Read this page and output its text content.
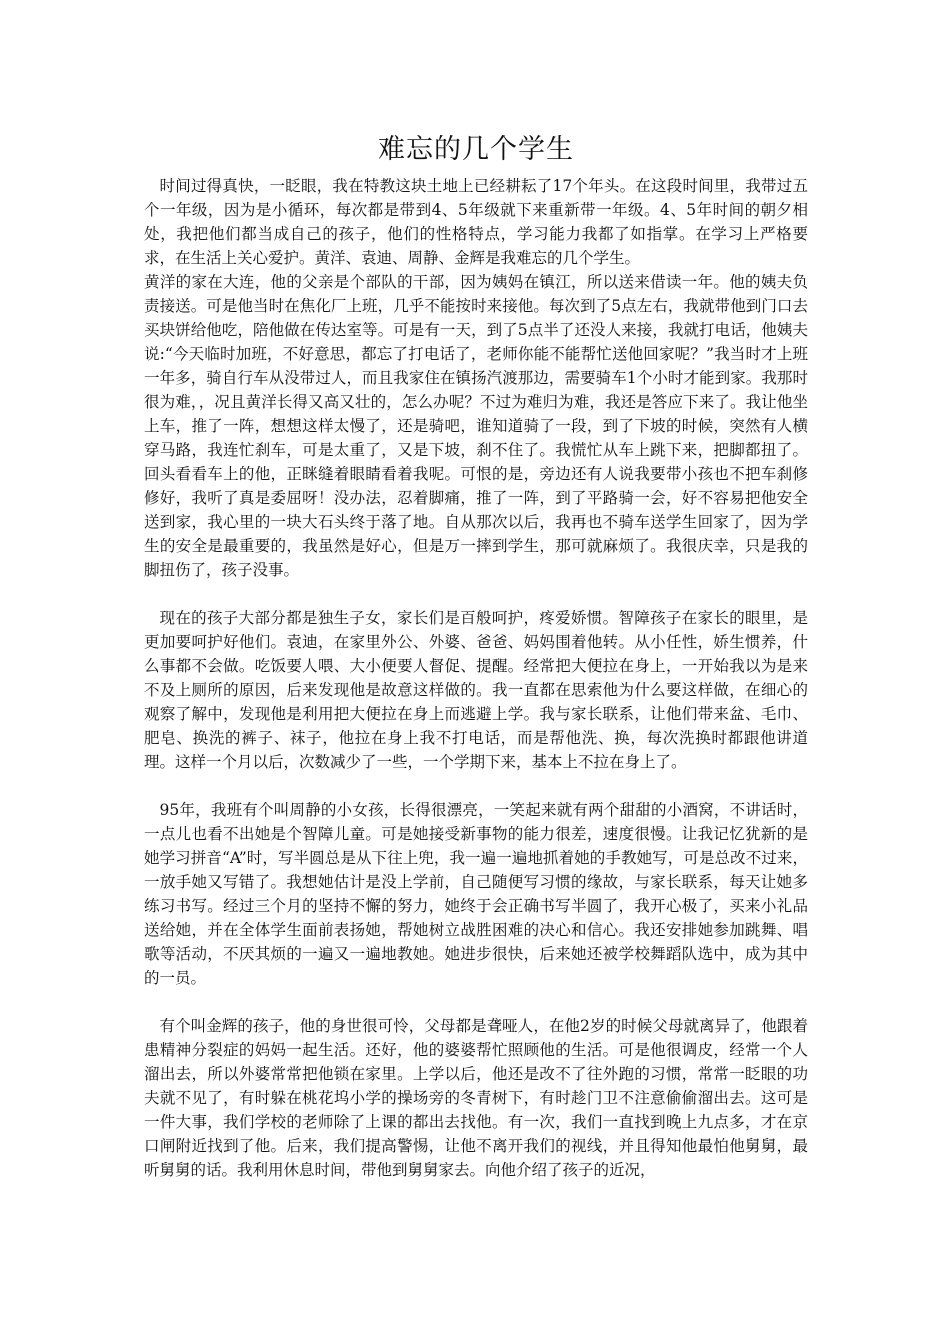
难忘的几个学生

时间过得真快，一眨眼，我在特教这块土地上已经耕耘了17个年头。在这段时间里，我带过五个一年级，因为是小循环，每次都是带到4、5年级就下来重新带一年级。4、5年时间的朝夕相处，我把他们都当成自己的孩子，他们的性格特点，学习能力我都了如指掌。在学习上严格要求，在生活上关心爱护。黄洋、袁迪、周静、金辉是我难忘的几个学生。

黄洋的家在大连，他的父亲是个部队的干部，因为姨妈在镇江，所以送来借读一年。他的姨夫负责接送。可是他当时在焦化厂上班，几乎不能按时来接他。每次到了5点左右，我就带他到门口去买块饼给他吃，陪他做在传达室等。可是有一天，到了5点半了还没人来接，我就打电话，他姨夫说:“今天临时加班，不好意思，都忘了打电话了，老师你能不能帮忙送他回家呢？”我当时才上班一年多，骑自行车从没带过人，而且我家住在镇扬汽渡那边，需要骑车1个小时才能到家。我那时很为难，，况且黄洋长得又高又壮的，怎么办呢？不过为难归为难，我还是答应下来了。我让他坐上车，推了一阵，想想这样太慢了，还是骑吧，谁知道骑了一段，到了下坡的时候，突然有人横穿马路，我连忙刹车，可是太重了，又是下坡，刹不住了。我慌忙从车上跳下来，把脚都扭了。回头看看车上的他，正眯缝着眼睛看着我呢。可恨的是，旁边还有人说我要带小孩也不把车刹修修好，我听了真是委屈呀！没办法，忍着脚痛，推了一阵，到了平路骑一会，好不容易把他安全送到家，我心里的一块大石头终于落了地。自从那次以后，我再也不骑车送学生回家了，因为学生的安全是最重要的，我虽然是好心，但是万一摔到学生，那可就麻烦了。我很庆幸，只是我的脚扭伤了，孩子没事。

现在的孩子大部分都是独生子女，家长们是百般呵护，疼爱娇惯。智障孩子在家长的眼里，是更加要呵护好他们。袁迪，在家里外公、外婆、爸爸、妈妈围着他转。从小任性，娇生惯养，什么事都不会做。吃饭要人喂、大小便要人督促、提醒。经常把大便拉在身上，一开始我以为是来不及上厕所的原因，后来发现他是故意这样做的。我一直都在思索他为什么要这样做，在细心的观察了解中，发现他是利用把大便拉在身上而逃避上学。我与家长联系，让他们带来盆、毛巾、肥皂、换洗的裤子、袜子，他拉在身上我不打电话，而是帮他洗、换，每次洗换时都跟他讲道理。这样一个月以后，次数减少了一些，一个学期下来，基本上不拉在身上了。

95年，我班有个叫周静的小女孩，长得很漂亮，一笑起来就有两个甜甜的小酒窝，不讲话时，一点儿也看不出她是个智障儿童。可是她接受新事物的能力很差，速度很慢。让我记忆犹新的是她学习拼音“A”时，写半圆总是从下往上兜，我一遍一遍地抓着她的手教她写，可是总改不过来，一放手她又写错了。我想她估计是没上学前，自己随便写习惯的缘故，与家长联系，每天让她多练习书写。经过三个月的坚持不懈的努力，她终于会正确书写半圆了，我开心极了，买来小礼品送给她，并在全体学生面前表扬她，帮她树立战胜困难的决心和信心。我还安排她参加跳舞、唱歌等活动，不厌其烦的一遍又一遍地教她。她进步很快，后来她还被学校舞蹈队选中，成为其中的一员。

有个叫金辉的孩子，他的身世很可怜，父母都是聋哑人，在他2岁的时候父母就离异了，他跟着患精神分裂症的妈妈一起生活。还好，他的婆婆帮忙照顾他的生活。可是他很调皮，经常一个人溜出去，所以外婆常常把他锁在家里。上学以后，他还是改不了往外跑的习惯，常常一眨眼的功夫就不见了，有时躲在桃花坞小学的操场旁的冬青树下，有时趁门卫不注意偷偷溜出去。这可是一件大事，我们学校的老师除了上课的都出去找他。有一次，我们一直找到晚上九点多，才在京口闸附近找到了他。后来，我们提高警惕，让他不离开我们的视线，并且得知他最怕他舅舅，最听舅舅的话。我利用休息时间，带他到舅舅家去。向他介绍了孩子的近况，
